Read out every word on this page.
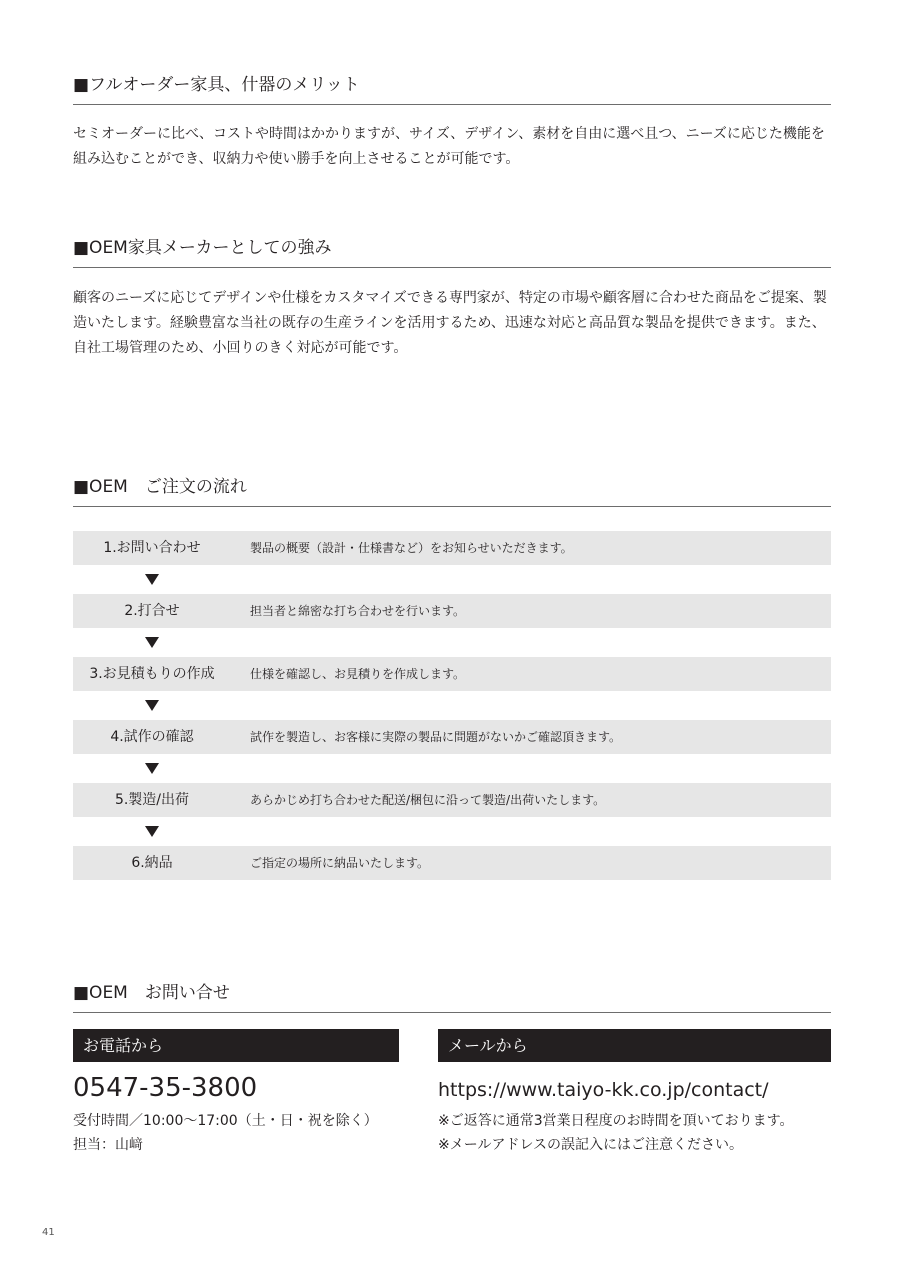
■フルオーダー家具、什器のメリット
セミオーダーに比べ、コストや時間はかかりますが、サイズ、デザイン、素材を自由に選べ且つ、ニーズに応じた機能を組み込むことができ、収納力や使い勝手を向上させることが可能です。
■OEM家具メーカーとしての強み
顧客のニーズに応じてデザインや仕様をカスタマイズできる専門家が、特定の市場や顧客層に合わせた商品をご提案、製造いたします。経験豊富な当社の既存の生産ラインを活用するため、迅速な対応と高品質な製品を提供できます。また、自社工場管理のため、小回りのきく対応が可能です。
■OEM　ご注文の流れ
1.お問い合わせ	製品の概要（設計・仕様書など）をお知らせいただきます。
2.打合せ	担当者と綿密な打ち合わせを行います。
3.お見積もりの作成	仕様を確認し、お見積りを作成します。
4.試作の確認	試作を製造し、お客様に実際の製品に問題がないかご確認頂きます。
5.製造/出荷	あらかじめ打ち合わせた配送/梱包に沿って製造/出荷いたします。
6.納品	ご指定の場所に納品いたします。
■OEM　お問い合せ
お電話から	メールから
0547-35-3800
受付時間／10:00〜17:00（土・日・祝を除く）
担当：山﨑
https://www.taiyo-kk.co.jp/contact/
※ご返答に通常3営業日程度のお時間を頂いております。
※メールアドレスの誤記入にはご注意ください。
41
